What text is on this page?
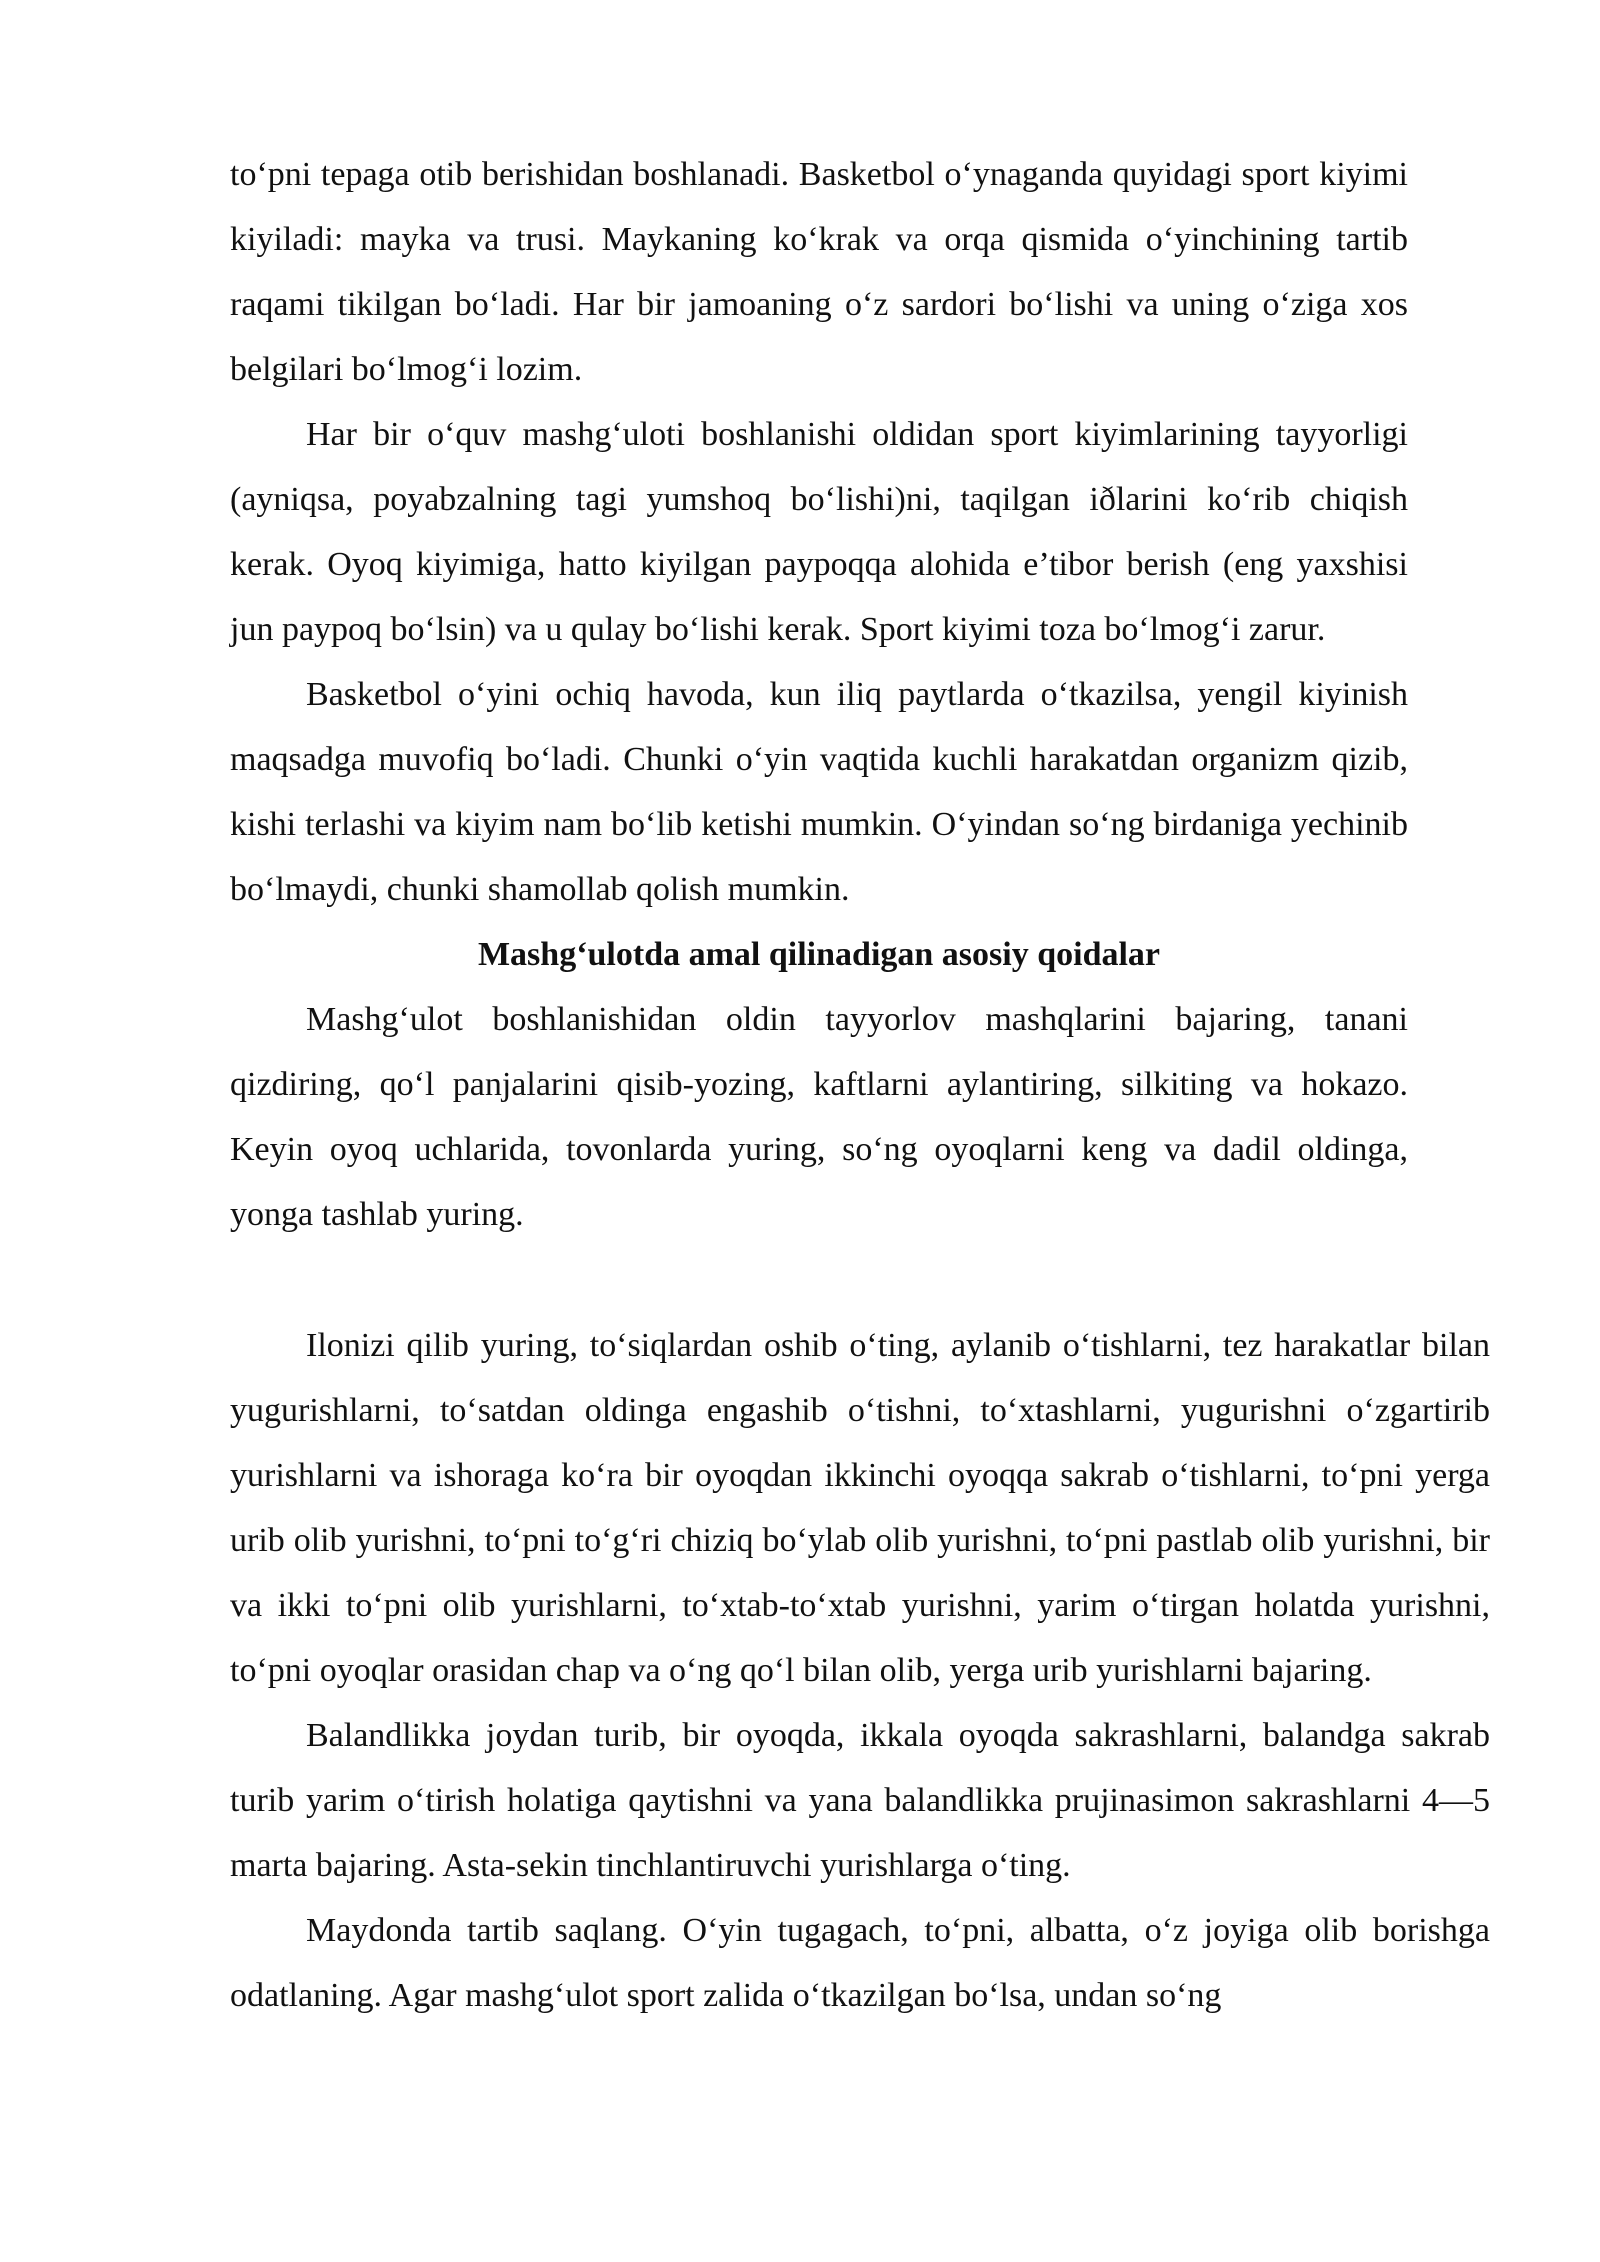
to‘pni tepaga otib berishidan boshlanadi. Basketbol o‘ynaganda quyidagi sport kiyimi kiyiladi: mayka va trusi. Maykaning ko‘krak va orqa qismida o‘yinchining tartib raqami tikilgan bo‘ladi. Har bir jamoaning o‘z sardori bo‘lishi va uning o‘ziga xos belgilari bo‘lmog‘i lozim.

Har bir o‘quv mashg‘uloti boshlanishi oldidan sport kiyimlarining tayyorligi (ayniqsa, poyabzalning tagi yumshoq bo‘lishi)ni, taqilgan iðlarini ko‘rib chiqish kerak. Oyoq kiyimiga, hatto kiyilgan paypoqqa alohida e’tibor berish (eng yaxshisi jun paypoq bo‘lsin) va u qulay bo‘lishi kerak. Sport kiyimi toza bo‘lmog‘i zarur.

Basketbol o‘yini ochiq havoda, kun iliq paytlarda o‘tkazilsa, yengil kiyinish maqsadga muvofiq bo‘ladi. Chunki o‘yin vaqtida kuchli harakatdan organizm qizib, kishi terlashi va kiyim nam bo‘lib ketishi mumkin. O‘yindan so‘ng birdaniga yechinib bo‘lmaydi, chunki shamollab qolish mumkin.

Mashg‘ulotda amal qilinadigan asosiy qoidalar

Mashg‘ulot boshlanishidan oldin tayyorlov mashqlarini bajaring, tanani qizdiring, qo‘l panjalarini qisib-yozing, kaftlarni aylantiring, silkiting va hokazo. Keyin oyoq uchlarida, tovonlarda yuring, so‘ng oyoqlarni keng va dadil oldinga, yonga tashlab yuring.

Ilonizi qilib yuring, to‘siqlardan oshib o‘ting, aylanib o‘tishlarni, tez harakatlar bilan yugurishlarni, to‘satdan oldinga engashib o‘tishni, to‘xtashlarni, yugurishni o‘zgartirib yurishlarni va ishoraga ko‘ra bir oyoqdan ikkinchi oyoqqa sakrab o‘tishlarni, to‘pni yerga urib olib yurishni, to‘pni to‘g‘ri chiziq bo‘ylab olib yurishni, to‘pni pastlab olib yurishni, bir va ikki to‘pni olib yurishlarni, to‘xtab-to‘xtab yurishni, yarim o‘tirgan holatda yurishni, to‘pni oyoqlar orasidan chap va o‘ng qo‘l bilan olib, yerga urib yurishlarni bajaring.

Balandlikka joydan turib, bir oyoqda, ikkala oyoqda sakrashlarni, balandga sakrab turib yarim o‘tirish holatiga qaytishni va yana balandlikka prujinasimon sakrashlarni 4—5 marta bajaring. Asta-sekin tinchlantiruvchi yurishlarga o‘ting.

Maydonda tartib saqlang. O‘yin tugagach, to‘pni, albatta, o‘z joyiga olib borishga odatlaning. Agar mashg‘ulot sport zalida o‘tkazilgan bo‘lsa, undan so‘ng
